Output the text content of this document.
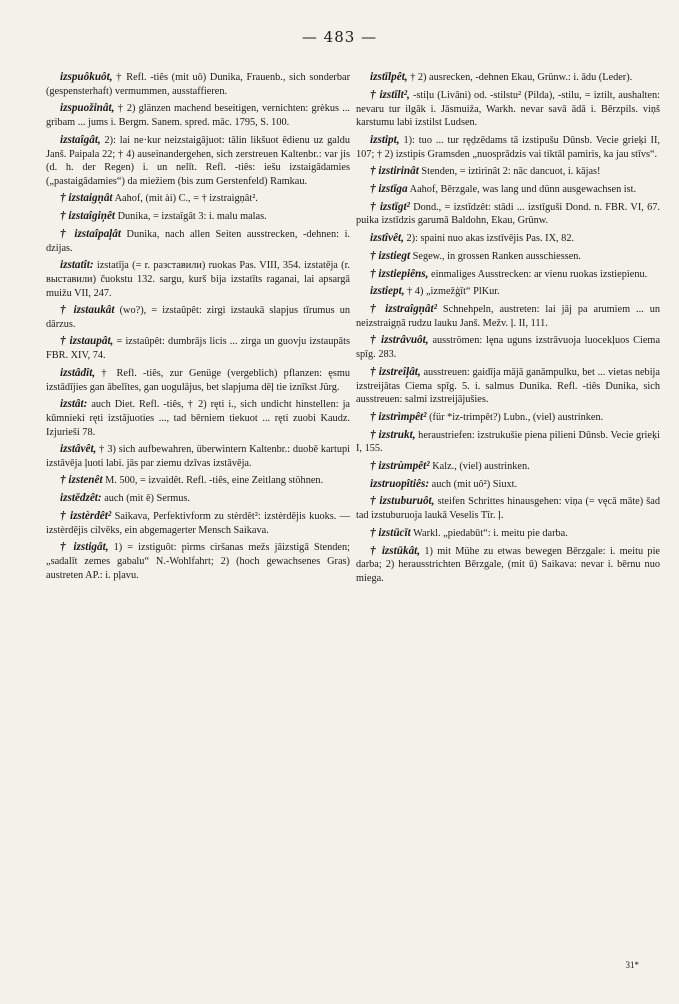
— 483 —

izspuôkuôt, † Refl. -tiês (mit uô) Dunika, Frauenb., sich sonderbar (gespensterhaft) vermummen, ausstaffieren.

izspuožinât, † 2) glänzen machend beseitigen, vernichten: grèkus ... gribam ... jums i. Bergm. Sanem. spred. māc. 1795, S. 100.

izstaîgât, 2): lai ne·kur neizstaigājuot: tālin likšuot ēdienu uz galdu Janš. Paipala 22; † 4) auseinandergehen, sich zerstreuen Kaltenbr.: var jis (d. h. der Regen) i. un nelīt. Refl. -tiês: iešu izstaigādamies („pastaigādamies“) da miežiem (bis zum Gerstenfeld) Ramkau.

† izstaigṇât Aahof, (mit ài) C., = † izstraigṇât².

† izstaîgiņêt Dunika, = izstaîgât 3: i. malu malas.

† izstaîpaļât Dunika, nach allen Seiten ausstrecken, -dehnen: i. dzijas.

izstatît: izstatīja (= r. разставили) ruokas Pas. VIII, 354. izstatēja (r. выставили) čuokstu 132. sargu, kurš bija izstatīts raganai, lai apsargā muižu VII, 247.

† izstaukât (wo?), = izstaûpêt: zirgi izstaukā slapjus tīrumus un dārzus.

† izstaupât, = izstaûpêt: dumbrājs licis ... zirga un guovju izstaupāts FBR. XIV, 74.

izstâdît, † Refl. -tiês, zur Genüge (vergeblich) pflanzen: ęsmu izstādījies gan ābelītes, gan uogulājus, bet slapjuma dēļ tie iznīkst Jürg.

izstât: auch Diet. Refl. -tiês, † 2) ręti i., sich undicht hinstellen: ja kūmnieki ręti izstājuoties ..., tad bērniem tiekuot ... ręti zuobi Kaudz. Izjurieši 78.

izstâvêt, † 3) sich aufbewahren, überwintern Kaltenbr.: duobē kartupi izstāvēja ļuoti labi. jās par ziemu dzīvas izstāvēja.

† izstenêt M. 500, = izvaidêt. Refl. -tiês, eine Zeitlang stöhnen.

izstēdzêt: auch (mit ē) Sermus.

† izstèrdêt² Saikava, Perfektivform zu stèrdêt²: izstèrdējis kuoks. — izstèrdējis cilvēks, ein abgemagerter Mensch Saikava.

† izstigât, 1) = izstiguôt: pirms ciršanas mežs jāizstigā Stenden; „sadalīt zemes gabalu“ N.-Wohlfahrt; 2) (hoch gewachsenes Gras) austreten AP.: i. pļavu.

izstīlpêt, † 2) ausrecken, -dehnen Ekau, Grünw.: i. ādu (Leder).

† izstīlt², -stiļu (Livāni) od. -stilstu² (Pilda), -stilu, = iztilt, aushalten: nevaru tur ilgāk i. Jāsmuiža, Warkh. nevar savā ādā i. Bērzpils. viņš karstumu labi izstilst Ludsen.

izstipt, 1): tuo ... tur ręḍzēdams tā izstipušu Dūnsb. Vecie grieķi II, 107; † 2) izstipis Gramsden „nuosprādzis vai tiktāl pamiris, ka jau stīvs“.

† izstirinât Stenden, = iztirinât 2: nāc dancuot, i. kājas!

† izstīga Aahof, Bērzgale, was lang und dünn ausgewachsen ist.

† izstīgt² Dond., = izstîdzêt: stādi ... izstīguši Dond. n. FBR. VI, 67. puika izstīdzis garumā Baldohn, Ekau, Grünw.

izstîvêt, 2): spaini nuo akas izstīvējis Pas. IX, 82.

† izstiegt Segew., in grossen Ranken ausschiessen.

† izstiepiêns, einmaliges Ausstrecken: ar vienu ruokas izstiepienu.

izstiept, † 4) „izmežģīt“ PlKur.

† izstraîgṇât² Schnehpeln, austreten: lai jāj pa arumiem ... un neizstraigṇā rudzu lauku Janš. Mežv. ļ. II, 111.

† izstrâvuôt, ausströmen: lęna uguns izstrāvuoja luocekļuos Ciema spīg. 283.

† izstreîļât, ausstreuen: gaidīja mājā ganāmpulku, bet ... vietas nebija izstreijātas Ciema spīg. 5. i. salmus Dunika. Refl. -tiês Dunika, sich ausstreuen: salmi izstreijājušies.

† izstrìmpêt² (für *iz-trimpêt?) Lubn., (viel) austrinken.

† izstrukt, heraustriefen: izstrukušie piena pilieni Dūnsb. Vecie grieķi I, 155.

† izstrùmpêt² Kalz., (viel) austrinken.

izstruopîtiês: auch (mit uô²) Siuxt.

† izstuburuôt, steifen Schrittes hinausgehen: viņa (= vęcā māte) šad tad izstuburuoja laukā Veselis Tīr. ļ.

† izstūcīt Warkl. „piedabūt“: i. meitu pie darba.

† izstūkât, 1) mit Mühe zu etwas bewegen Bērzgale: i. meitu pie darba; 2) herausstrichten Bērzgale, (mit ū) Saikava: nevar i. bērnu nuo miega.

31*
